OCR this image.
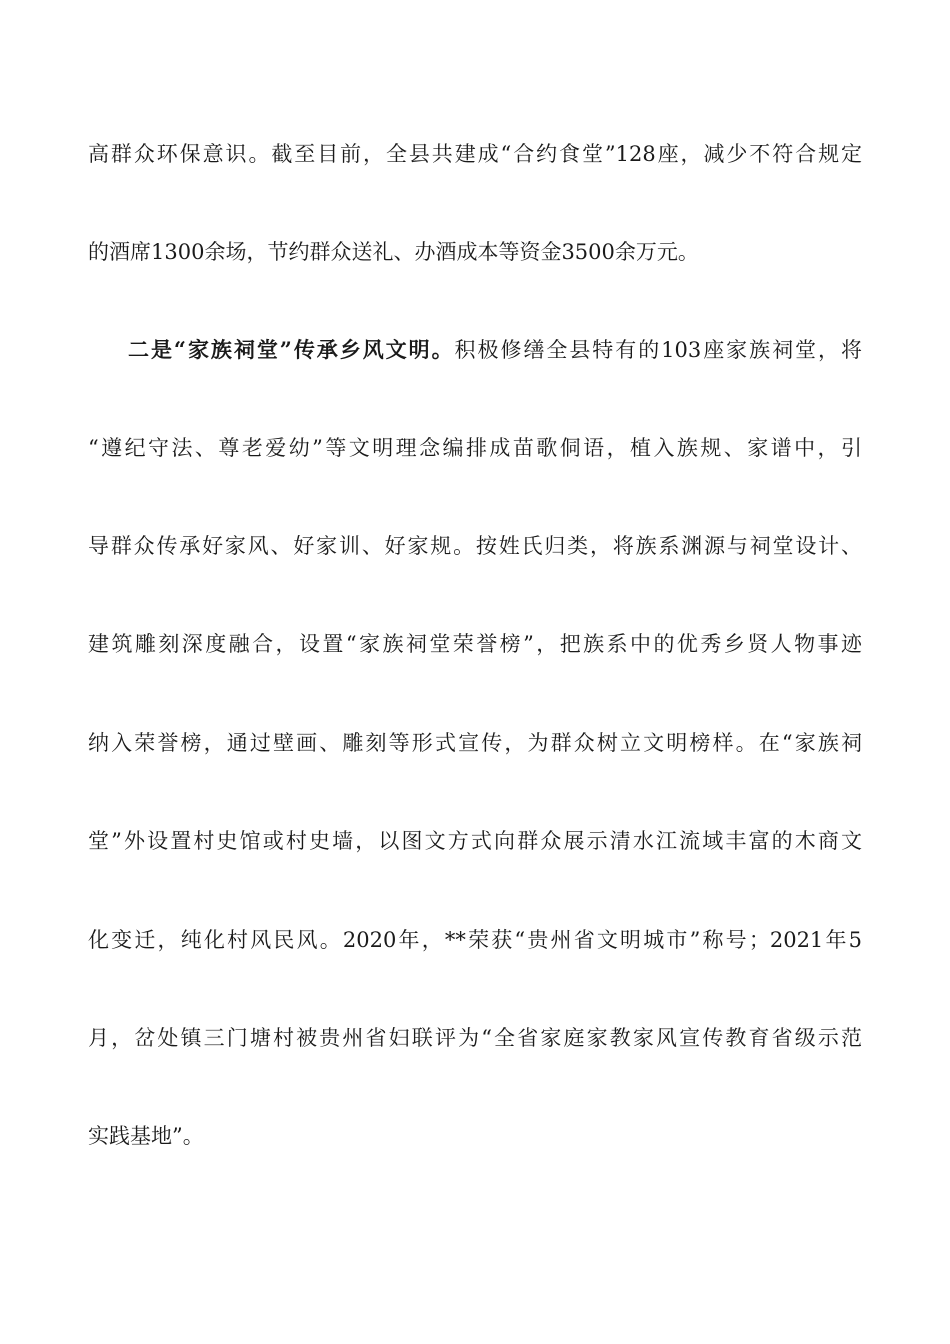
高群众环保意识。截至目前，全县共建成“合约食堂”128座，减少不符合规定
的酒席1300余场，节约群众送礼、办酒成本等资金3500余万元。
二是“家族祠堂”传承乡风文明。积极修缮全县特有的103座家族祠堂，将
“遵纪守法、尊老爱幼”等文明理念编排成苗歌侗语，植入族规、家谱中，引
导群众传承好家风、好家训、好家规。按姓氏归类，将族系渊源与祠堂设计、
建筑雕刻深度融合，设置“家族祠堂荣誉榜”，把族系中的优秀乡贤人物事迹
纳入荣誉榜，通过壁画、雕刻等形式宣传，为群众树立文明榜样。在“家族祠
堂”外设置村史馆或村史墙，以图文方式向群众展示清水江流域丰富的木商文
化变迁，纯化村风民风。2020年，**荣获“贵州省文明城市”称号；2021年5
月，岔处镇三门塘村被贵州省妇联评为“全省家庭家教家风宣传教育省级示范
实践基地”。
